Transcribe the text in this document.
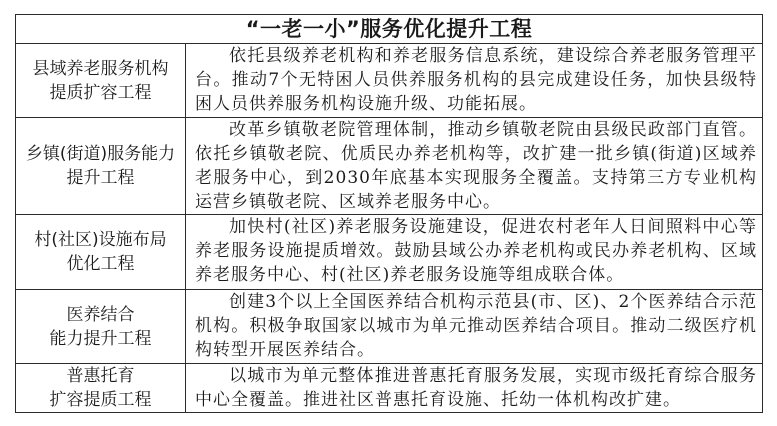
“一老一小”服务优化提升工程
县域养老服务机构
提质扩容工程

依托县级养老机构和养老服务信息系统，建设综合养老服务管理平台。推动7个无特困人员供养服务机构的县完成建设任务，加快县级特困人员供养服务机构设施升级、功能拓展。

乡镇(街道)服务能力
提升工程

改革乡镇敬老院管理体制，推动乡镇敬老院由县级民政部门直管。依托乡镇敬老院、优质民办养老机构等，改扩建一批乡镇(街道)区域养老服务中心，到2030年底基本实现服务全覆盖。支持第三方专业机构运营乡镇敬老院、区域养老服务中心。

村(社区)设施布局
优化工程

加快村(社区)养老服务设施建设，促进农村老年人日间照料中心等养老服务设施提质增效。鼓励县域公办养老机构或民办养老机构、区域养老服务中心、村(社区)养老服务设施等组成联合体。

医养结合
能力提升工程

创建3个以上全国医养结合机构示范县(市、区)、2个医养结合示范机构。积极争取国家以城市为单元推动医养结合项目。推动二级医疗机构转型开展医养结合。

普惠托育
扩容提质工程

以城市为单元整体推进普惠托育服务发展，实现市级托育综合服务中心全覆盖。推进社区普惠托育设施、托幼一体机构改扩建。
